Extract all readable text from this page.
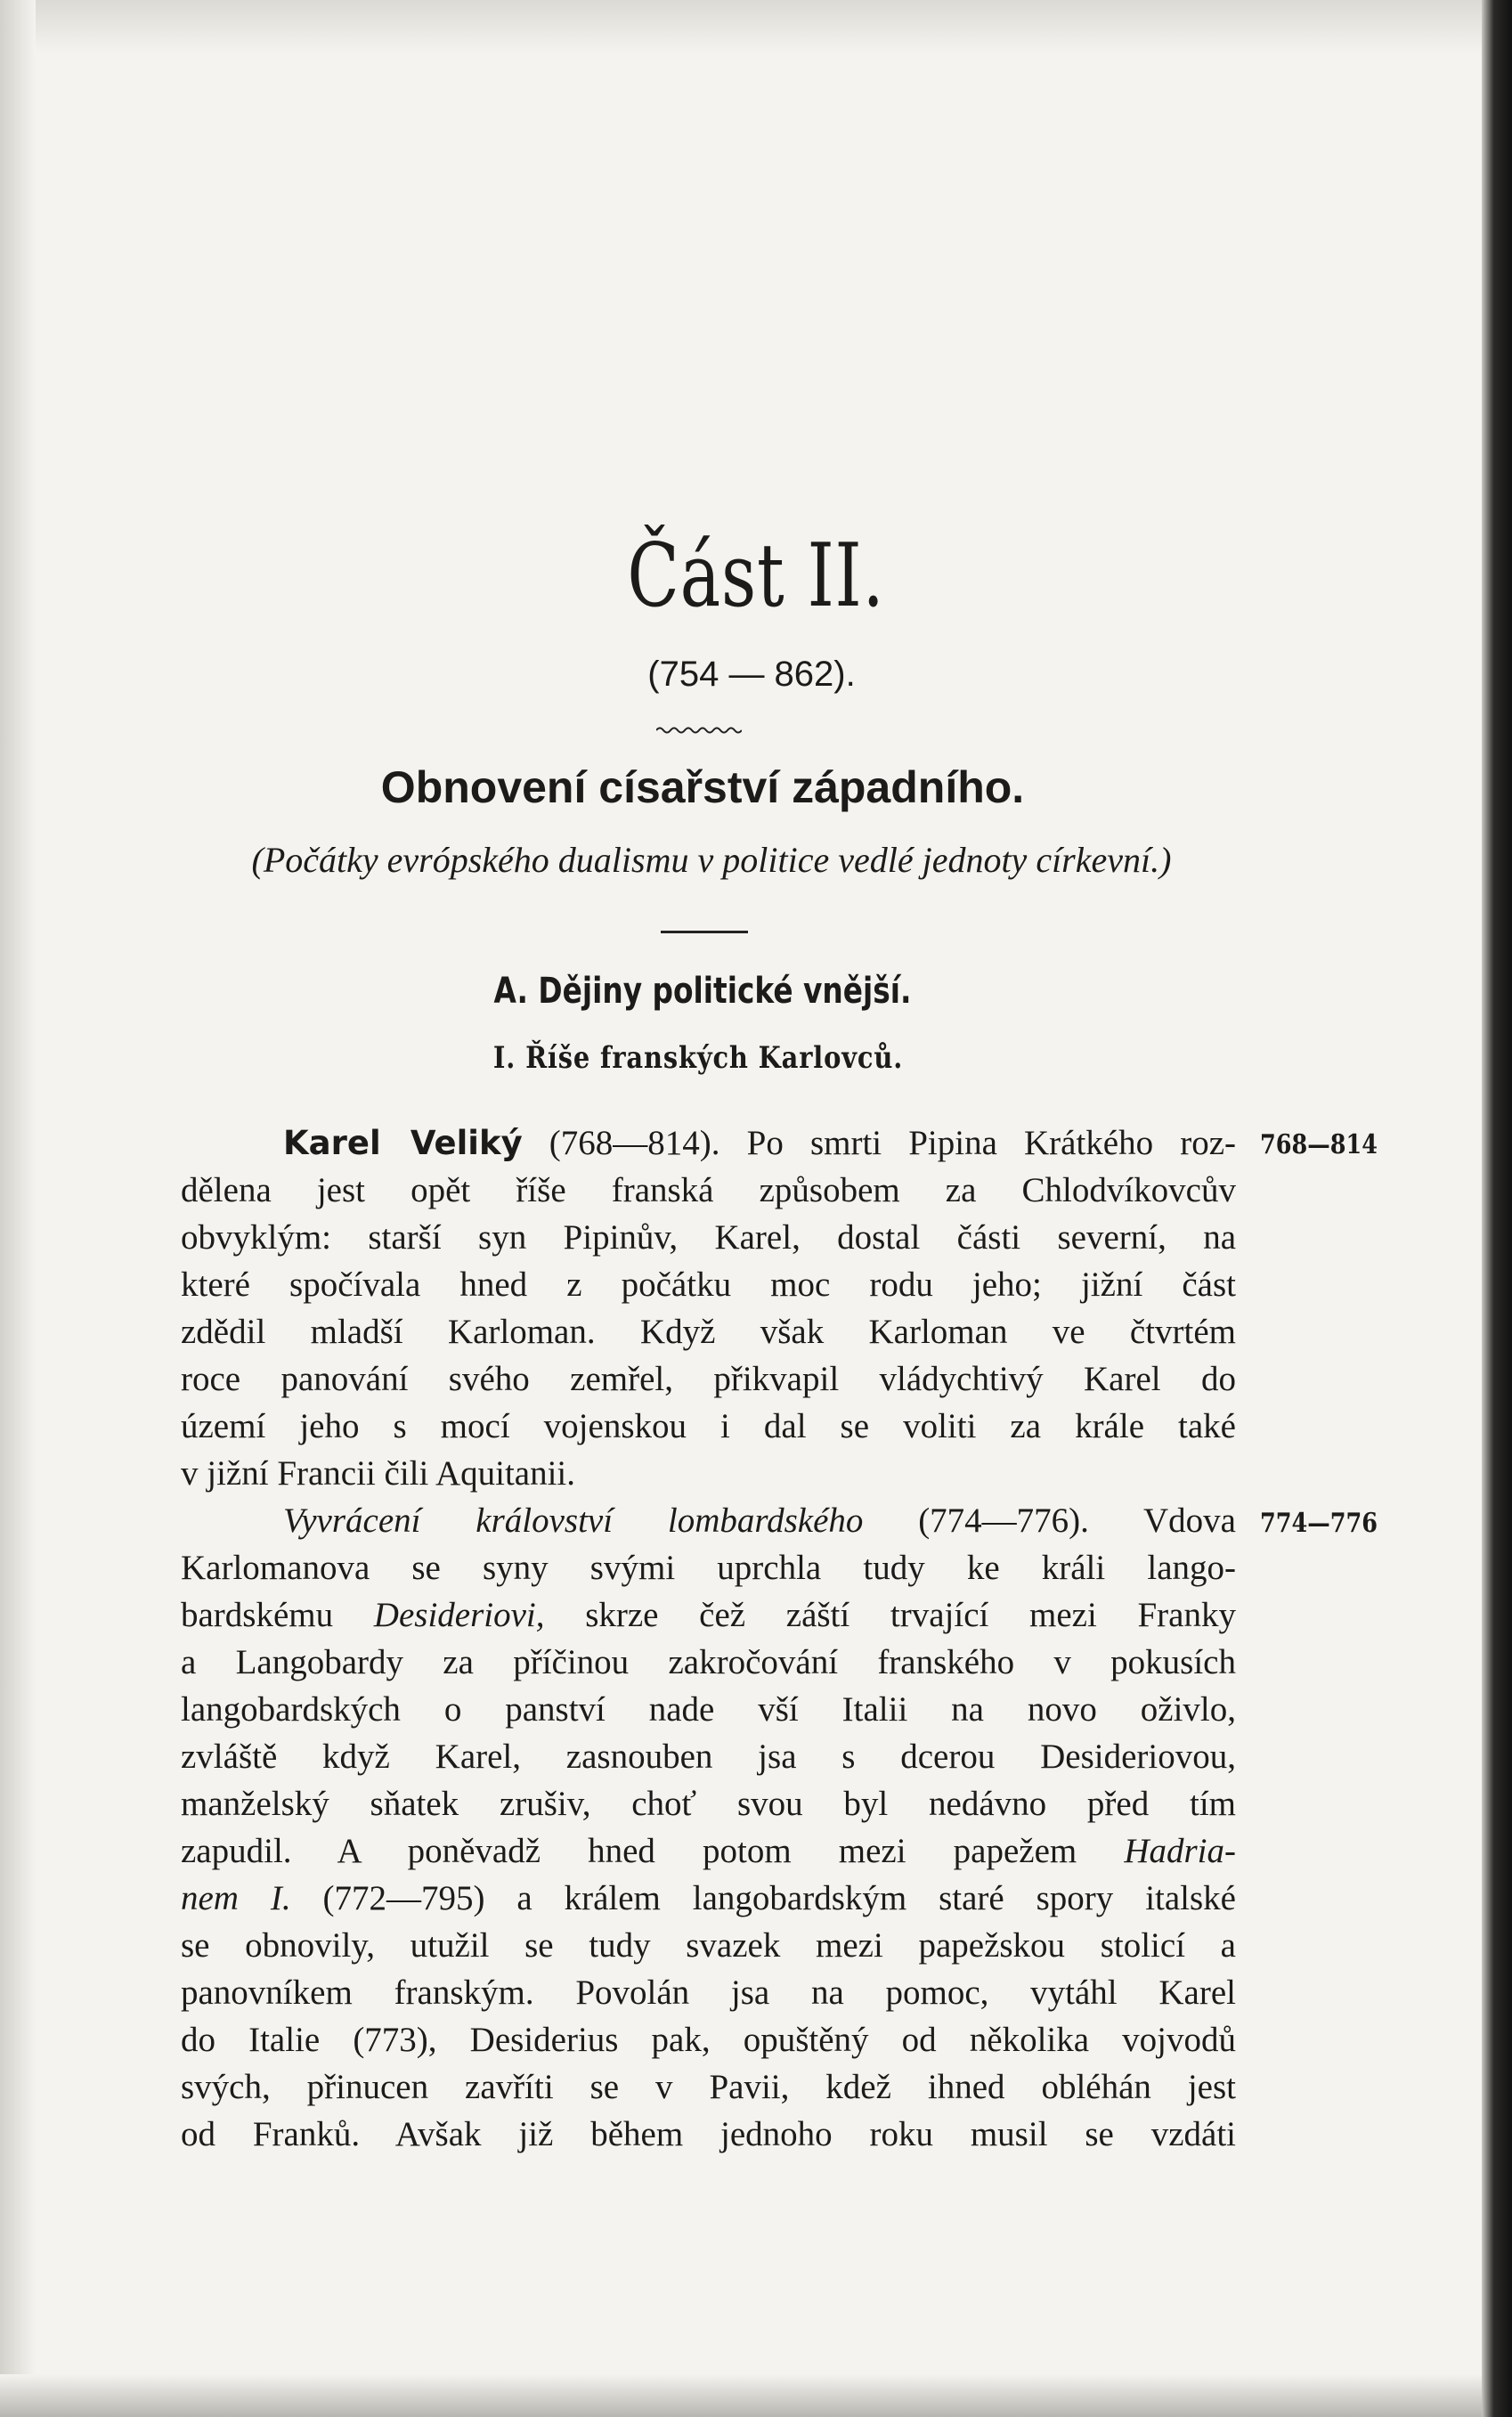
Část II.
(754 — 862).
Obnovení císařství západního.
(Počátky evrópského dualismu v politice vedlé jednoty církevní.)
A. Dějiny politické vnější.
I. Říše franských Karlovců.
768—814
774—776
Karel Veliký (768—814). Po smrti Pipina Krátkého roz-
dělena jest opět říše franská způsobem za Chlodvíkovcův
obvyklým: starší syn Pipinův, Karel, dostal části severní, na
které spočívala hned z počátku moc rodu jeho; jižní část
zdědil mladší Karloman. Když však Karloman ve čtvrtém
roce panování svého zemřel, přikvapil vládychtivý Karel do
území jeho s mocí vojenskou i dal se voliti za krále také
v jižní Francii čili Aquitanii.
Vyvrácení království lombardského (774—776). Vdova
Karlomanova se syny svými uprchla tudy ke králi lango-
bardskému Desideriovi, skrze čež záští trvající mezi Franky
a Langobardy za příčinou zakročování franského v pokusích
langobardských o panství nade vší Italii na novo oživlo,
zvláště když Karel, zasnouben jsa s dcerou Desideriovou,
manželský sňatek zrušiv, choť svou byl nedávno před tím
zapudil. A poněvadž hned potom mezi papežem Hadria-
nem I. (772—795) a králem langobardským staré spory italské
se obnovily, utužil se tudy svazek mezi papežskou stolicí a
panovníkem franským. Povolán jsa na pomoc, vytáhl Karel
do Italie (773), Desiderius pak, opuštěný od několika vojvodů
svých, přinucen zavříti se v Pavii, kdež ihned obléhán jest
od Franků. Avšak již během jednoho roku musil se vzdáti
